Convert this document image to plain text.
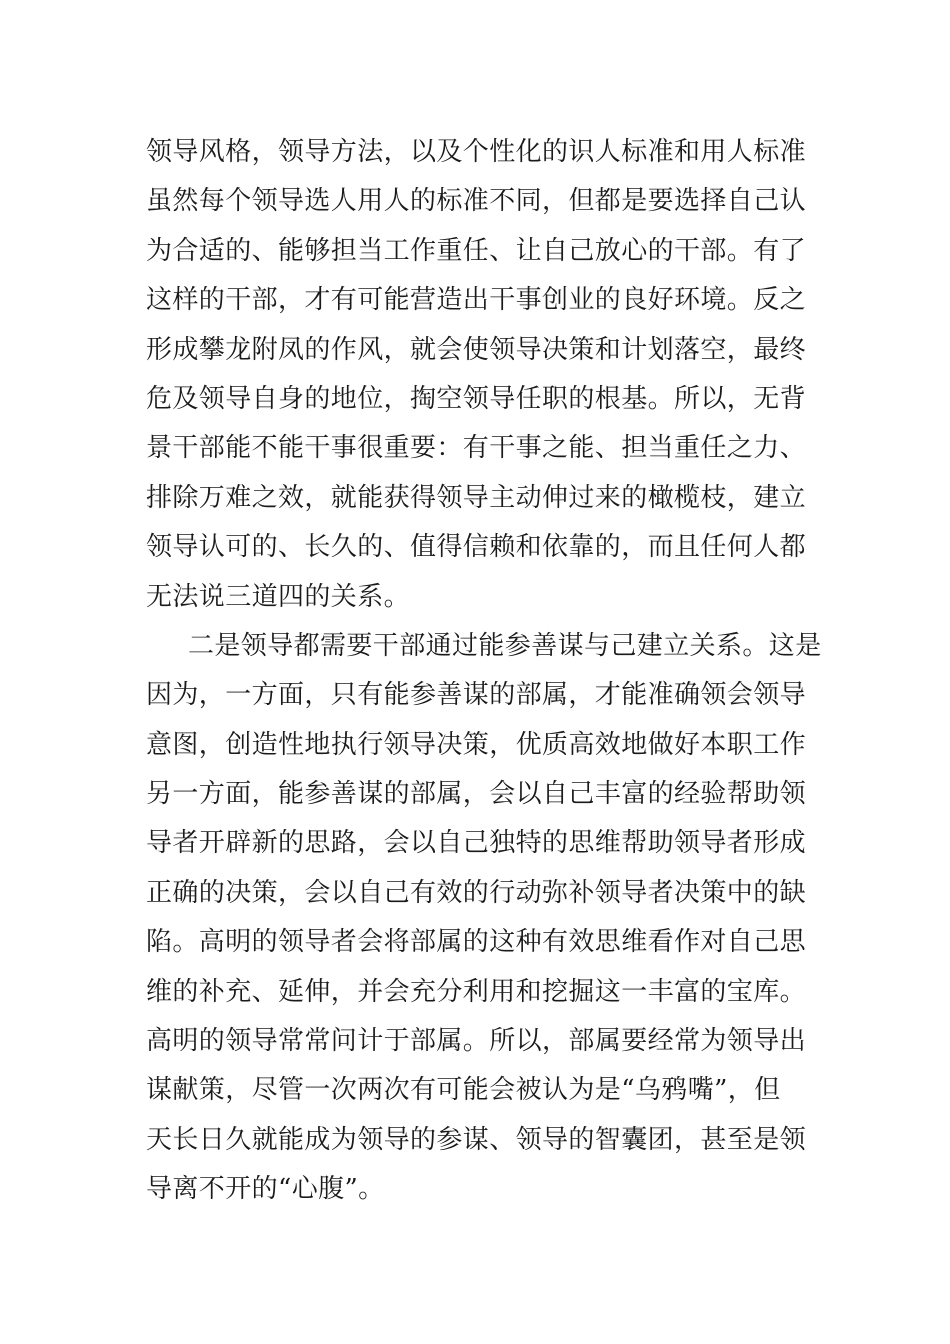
领导风格，领导方法，以及个性化的识人标准和用人标准
虽然每个领导选人用人的标准不同，但都是要选择自己认
为合适的、能够担当工作重任、让自己放心的干部。有了
这样的干部，才有可能营造出干事创业的良好环境。反之
形成攀龙附凤的作风，就会使领导决策和计划落空，最终
危及领导自身的地位，掏空领导任职的根基。所以，无背
景干部能不能干事很重要：有干事之能、担当重任之力、
排除万难之效，就能获得领导主动伸过来的橄榄枝，建立
领导认可的、长久的、值得信赖和依靠的，而且任何人都
无法说三道四的关系。
二是领导都需要干部通过能参善谋与己建立关系。这是
因为，一方面，只有能参善谋的部属，才能准确领会领导
意图，创造性地执行领导决策，优质高效地做好本职工作
另一方面，能参善谋的部属，会以自己丰富的经验帮助领
导者开辟新的思路，会以自己独特的思维帮助领导者形成
正确的决策，会以自己有效的行动弥补领导者决策中的缺
陷。高明的领导者会将部属的这种有效思维看作对自己思
维的补充、延伸，并会充分利用和挖掘这一丰富的宝库。
高明的领导常常问计于部属。所以，部属要经常为领导出
谋献策，尽管一次两次有可能会被认为是“乌鸦嘴”，但
天长日久就能成为领导的参谋、领导的智囊团，甚至是领
导离不开的“心腹”。
